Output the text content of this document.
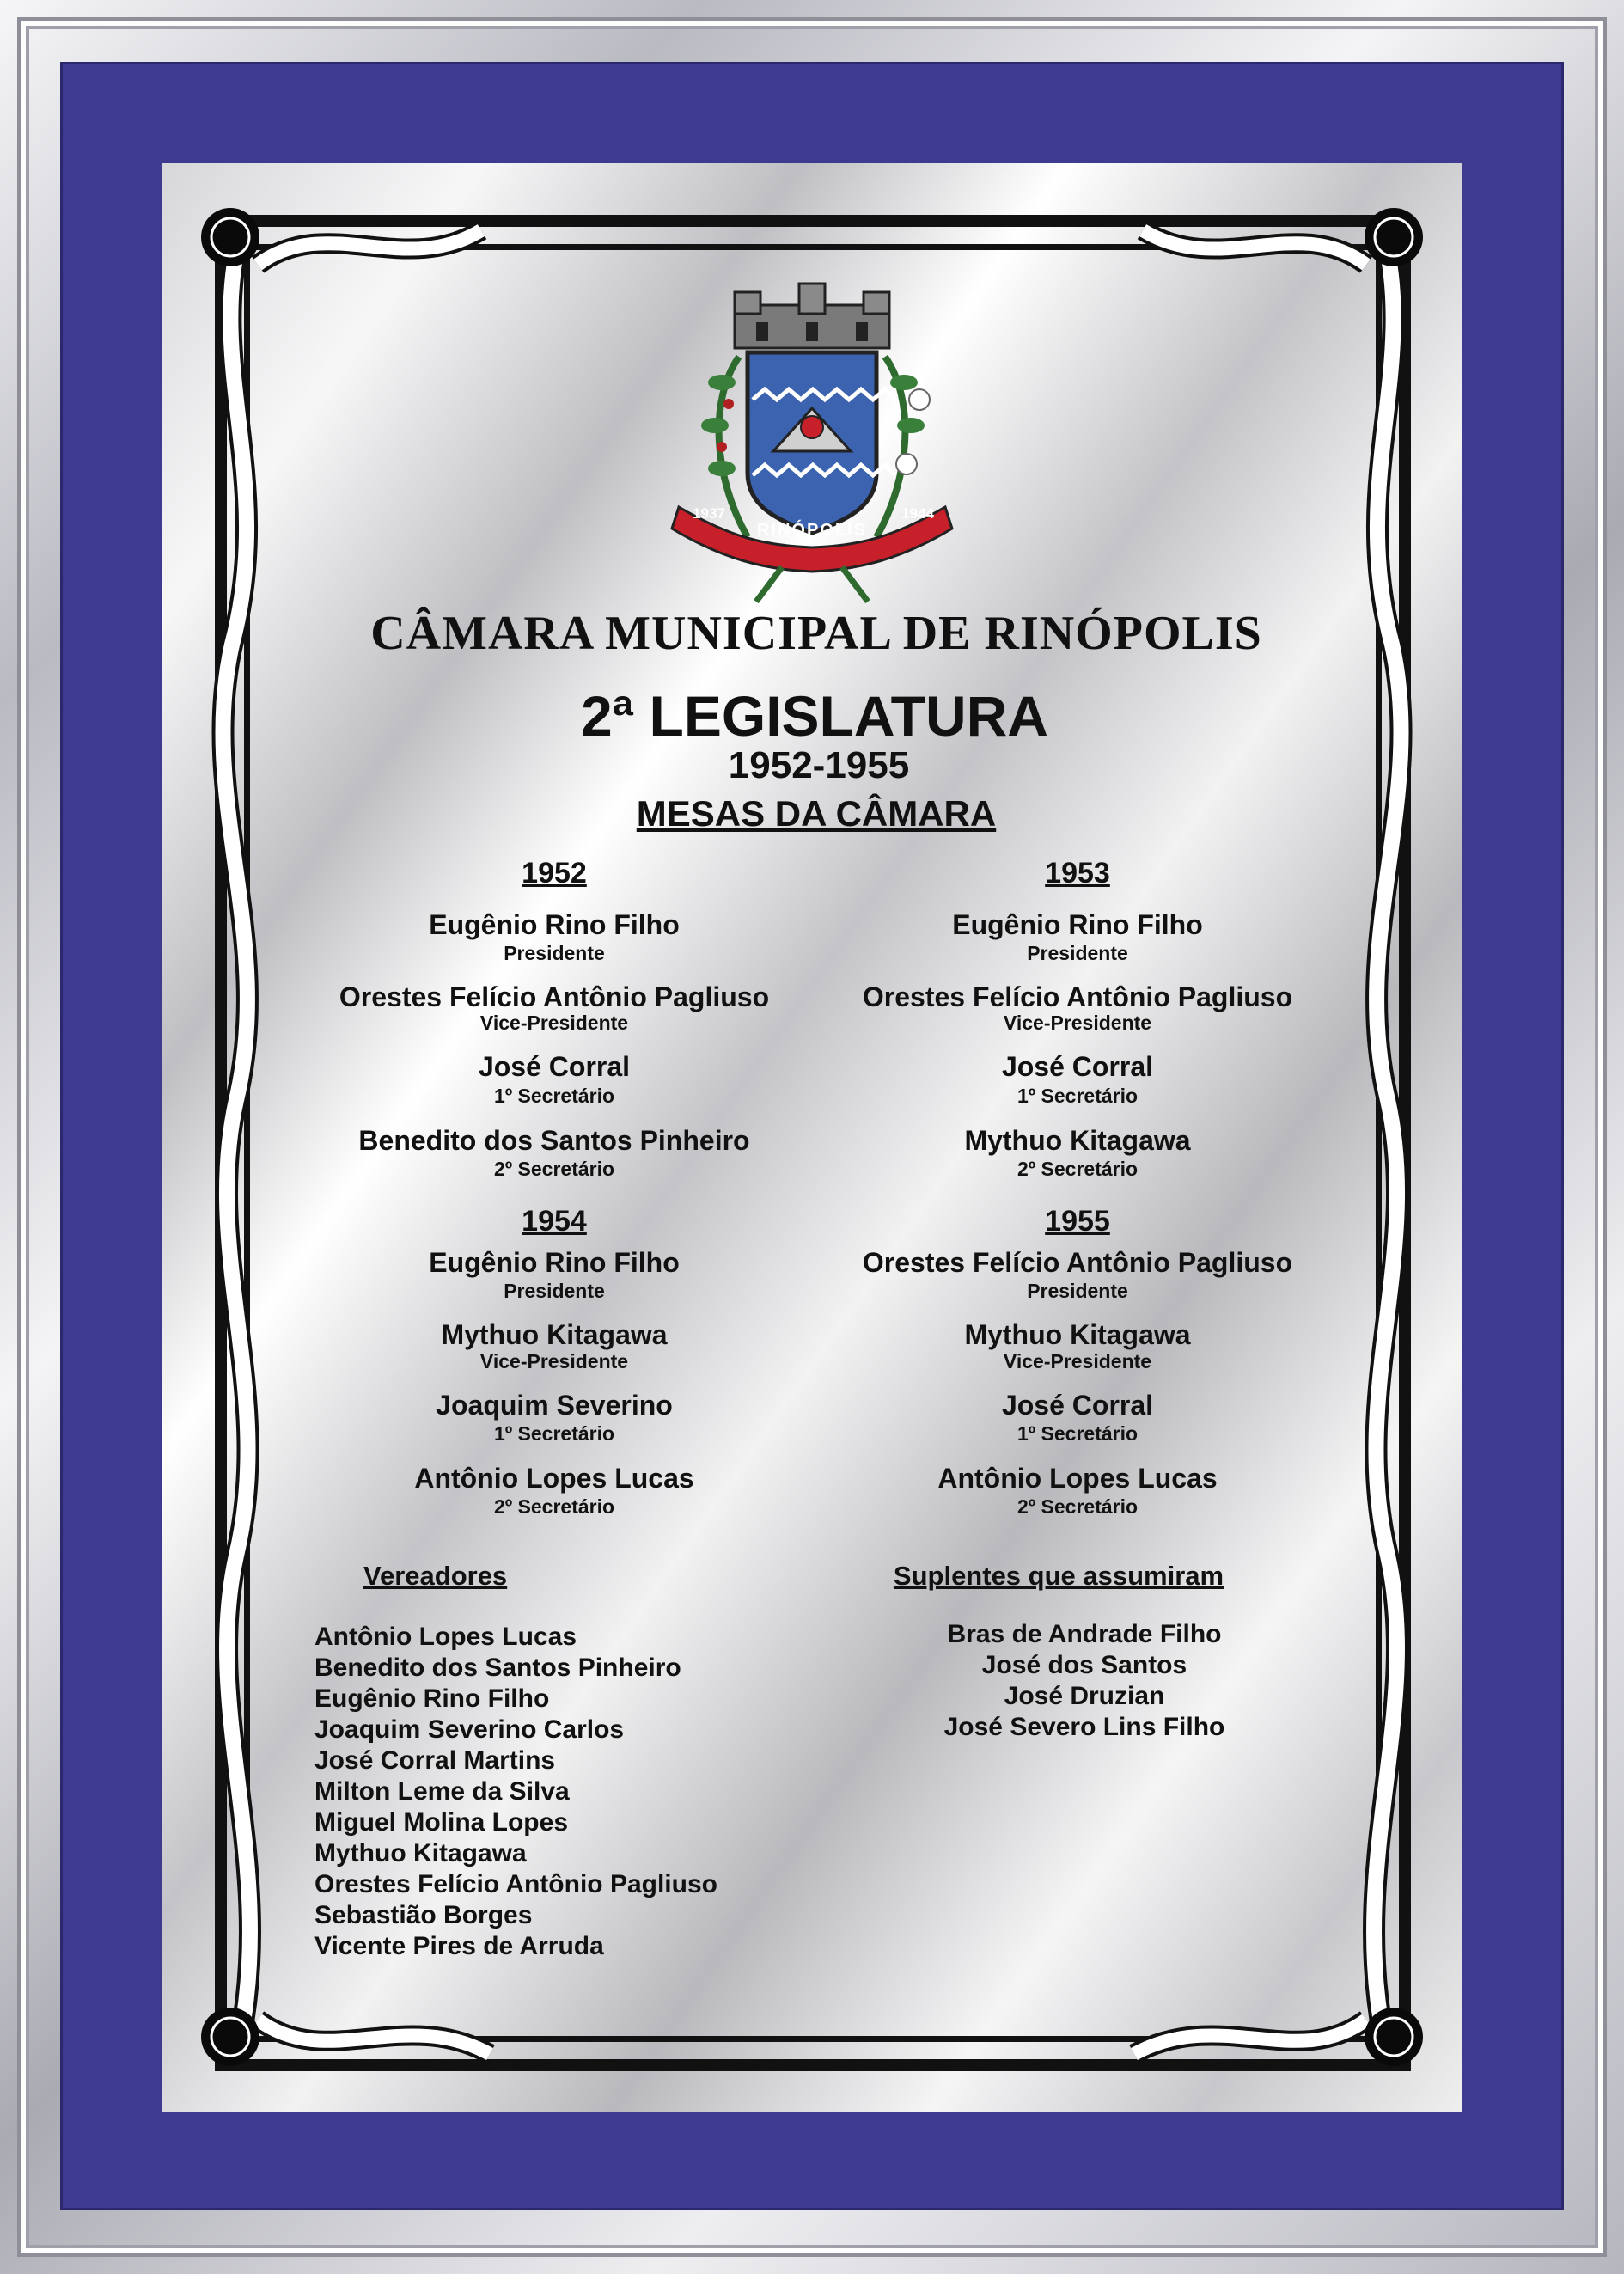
RINÓPOLIS
1937	1944
CÂMARA MUNICIPAL DE RINÓPOLIS
2ª LEGISLATURA
1952-1955
MESAS DA CÂMARA
1952
Eugênio Rino Filho
Presidente
Orestes Felício Antônio Pagliuso
Vice-Presidente
José Corral
1º Secretário
Benedito dos Santos Pinheiro
2º Secretário
1953
Eugênio Rino Filho
Presidente
Orestes Felício Antônio Pagliuso
Vice-Presidente
José Corral
1º Secretário
Mythuo Kitagawa
2º Secretário
1954
Eugênio Rino Filho
Presidente
Mythuo Kitagawa
Vice-Presidente
Joaquim Severino
1º Secretário
Antônio Lopes Lucas
2º Secretário
1955
Orestes Felício Antônio Pagliuso
Presidente
Mythuo Kitagawa
Vice-Presidente
José Corral
1º Secretário
Antônio Lopes Lucas
2º Secretário
Vereadores
Antônio Lopes Lucas
Benedito dos Santos Pinheiro
Eugênio Rino Filho
Joaquim Severino Carlos
José Corral Martins
Milton Leme da Silva
Miguel Molina Lopes
Mythuo Kitagawa
Orestes Felício Antônio Pagliuso
Sebastião Borges
Vicente Pires de Arruda
Suplentes que assumiram
Bras de Andrade Filho
José dos Santos
José Druzian
José Severo Lins Filho
